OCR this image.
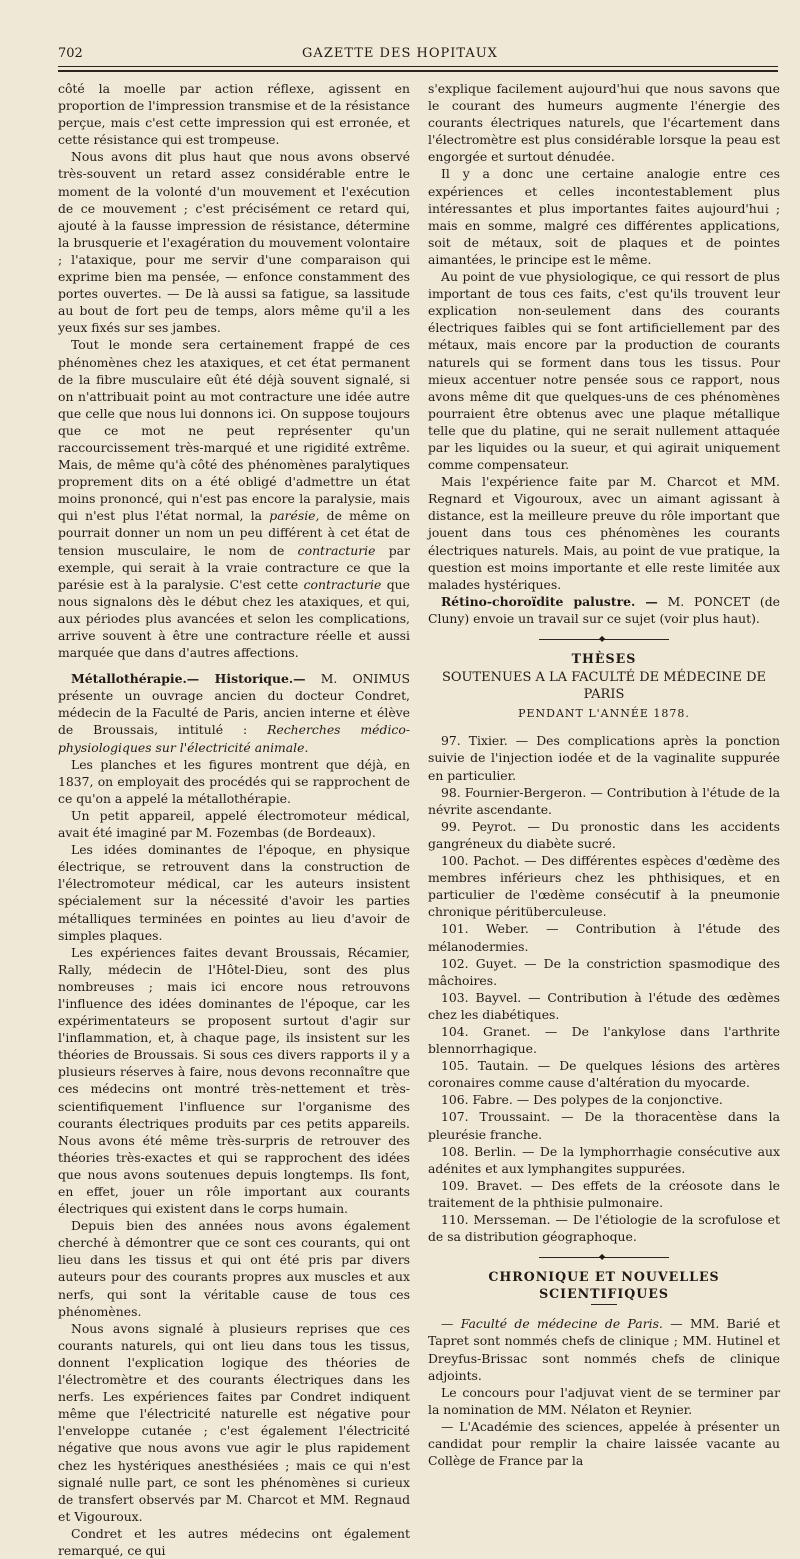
702	GAZETTE DES HOPITAUX

côté la moelle par action réflexe, agissent en proportion de l'impression transmise et de la résistance perçue, mais c'est cette impression qui est erronée, et cette résistance qui est trompeuse.

Nous avons dit plus haut que nous avons observé très-souvent un retard assez considérable entre le moment de la volonté d'un mouvement et l'exécution de ce mouvement ; c'est précisément ce retard qui, ajouté à la fausse impression de résistance, détermine la brusquerie et l'exagération du mouvement volontaire ; l'ataxique, pour me servir d'une comparaison qui exprime bien ma pensée, — enfonce constamment des portes ouvertes. — De là aussi sa fatigue, sa lassitude au bout de fort peu de temps, alors même qu'il a les yeux fixés sur ses jambes.

Tout le monde sera certainement frappé de ces phénomènes chez les ataxiques, et cet état permanent de la fibre musculaire eût été déjà souvent signalé, si on n'attribuait point au mot contracture une idée autre que celle que nous lui donnons ici. On suppose toujours que ce mot ne peut représenter qu'un raccourcissement très-marqué et une rigidité extrême. Mais, de même qu'à côté des phénomènes paralytiques proprement dits on a été obligé d'admettre un état moins prononcé, qui n'est pas encore la paralysie, mais qui n'est plus l'état normal, la parésie, de même on pourrait donner un nom un peu différent à cet état de tension musculaire, le nom de contracturie par exemple, qui serait à la vraie contracture ce que la parésie est à la paralysie. C'est cette contracturie que nous signalons dès le début chez les ataxiques, et qui, aux périodes plus avancées et selon les complications, arrive souvent à être une contracture réelle et aussi marquée que dans d'autres affections.

Métallothérapie.— Historique.— M. ONIMUS présente un ouvrage ancien du docteur Condret, médecin de la Faculté de Paris, ancien interne et élève de Broussais, intitulé : Recherches médico-physiologiques sur l'électricité animale.

Les planches et les figures montrent que déjà, en 1837, on employait des procédés qui se rapprochent de ce qu'on a appelé la métallothérapie.

Un petit appareil, appelé électromoteur médical, avait été imaginé par M. Fozembas (de Bordeaux).

Les idées dominantes de l'époque, en physique électrique, se retrouvent dans la construction de l'électromoteur médical, car les auteurs insistent spécialement sur la nécessité d'avoir les parties métalliques terminées en pointes au lieu d'avoir de simples plaques.

Les expériences faites devant Broussais, Récamier, Rally, médecin de l'Hôtel-Dieu, sont des plus nombreuses ; mais ici encore nous retrouvons l'influence des idées dominantes de l'époque, car les expérimentateurs se proposent surtout d'agir sur l'inflammation, et, à chaque page, ils insistent sur les théories de Broussais. Si sous ces divers rapports il y a plusieurs réserves à faire, nous devons reconnaître que ces médecins ont montré très-nettement et très-scientifiquement l'influence sur l'organisme des courants électriques produits par ces petits appareils. Nous avons été même très-surpris de retrouver des théories très-exactes et qui se rapprochent des idées que nous avons soutenues depuis longtemps. Ils font, en effet, jouer un rôle important aux courants électriques qui existent dans le corps humain.

Depuis bien des années nous avons également cherché à démontrer que ce sont ces courants, qui ont lieu dans les tissus et qui ont été pris par divers auteurs pour des courants propres aux muscles et aux nerfs, qui sont la véritable cause de tous ces phénomènes.

Nous avons signalé à plusieurs reprises que ces courants naturels, qui ont lieu dans tous les tissus, donnent l'explication logique des théories de l'électromètre et des courants électriques dans les nerfs. Les expériences faites par Condret indiquent même que l'électricité naturelle est négative pour l'enveloppe cutanée ; c'est également l'électricité négative que nous avons vue agir le plus rapidement chez les hystériques anesthésiées ; mais ce qui n'est signalé nulle part, ce sont les phénomènes si curieux de transfert observés par M. Charcot et MM. Regnaud et Vigouroux.

Condret et les autres médecins ont également remarqué, ce qui

s'explique facilement aujourd'hui que nous savons que le courant des humeurs augmente l'énergie des courants électriques naturels, que l'écartement dans l'électromètre est plus considérable lorsque la peau est engorgée et surtout dénudée.

Il y a donc une certaine analogie entre ces expériences et celles incontestablement plus intéressantes et plus importantes faites aujourd'hui ; mais en somme, malgré ces différentes applications, soit de métaux, soit de plaques et de pointes aimantées, le principe est le même.

Au point de vue physiologique, ce qui ressort de plus important de tous ces faits, c'est qu'ils trouvent leur explication non-seulement dans des courants électriques faibles qui se font artificiellement par des métaux, mais encore par la production de courants naturels qui se forment dans tous les tissus. Pour mieux accentuer notre pensée sous ce rapport, nous avons même dit que quelques-uns de ces phénomènes pourraient être obtenus avec une plaque métallique telle que du platine, qui ne serait nullement attaquée par les liquides ou la sueur, et qui agirait uniquement comme compensateur.

Mais l'expérience faite par M. Charcot et MM. Regnard et Vigouroux, avec un aimant agissant à distance, est la meilleure preuve du rôle important que jouent dans tous ces phénomènes les courants électriques naturels. Mais, au point de vue pratique, la question est moins importante et elle reste limitée aux malades hystériques.

Rétino-choroïdite palustre. — M. PONCET (de Cluny) envoie un travail sur ce sujet (voir plus haut).

◆
THÈSES
SOUTENUES A LA FACULTÉ DE MÉDECINE DE PARIS
PENDANT L'ANNÉE 1878.

97. Tixier. — Des complications après la ponction suivie de l'injection iodée et de la vaginalite suppurée en particulier.

98. Fournier-Bergeron. — Contribution à l'étude de la névrite ascendante.

99. Peyrot. — Du pronostic dans les accidents gangréneux du diabète sucré.

100. Pachot. — Des différentes espèces d'œdème des membres inférieurs chez les phthisiques, et en particulier de l'œdème consécutif à la pneumonie chronique péritüberculeuse.

101. Weber. — Contribution à l'étude des mélanodermies.

102. Guyet. — De la constriction spasmodique des mâchoires.

103. Bayvel. — Contribution à l'étude des œdèmes chez les diabétiques.

104. Granet. — De l'ankylose dans l'arthrite blennorrhagique.

105. Tautain. — De quelques lésions des artères coronaires comme cause d'altération du myocarde.

106. Fabre. — Des polypes de la conjonctive.

107. Troussaint. — De la thoracentèse dans la pleurésie franche.

108. Berlin. — De la lymphorrhagie consécutive aux adénites et aux lymphangites suppurées.

109. Bravet. — Des effets de la créosote dans le traitement de la phthisie pulmonaire.

110. Mersseman. — De l'étiologie de la scrofulose et de sa distribution géographoque.

◆
CHRONIQUE ET NOUVELLES SCIENTIFIQUES

— Faculté de médecine de Paris. — MM. Barié et Tapret sont nommés chefs de clinique ; MM. Hutinel et Dreyfus-Brissac sont nommés chefs de clinique adjoints.

Le concours pour l'adjuvat vient de se terminer par la nomination de MM. Nélaton et Reynier.

— L'Académie des sciences, appelée à présenter un candidat pour remplir la chaire laissée vacante au Collège de France par la
